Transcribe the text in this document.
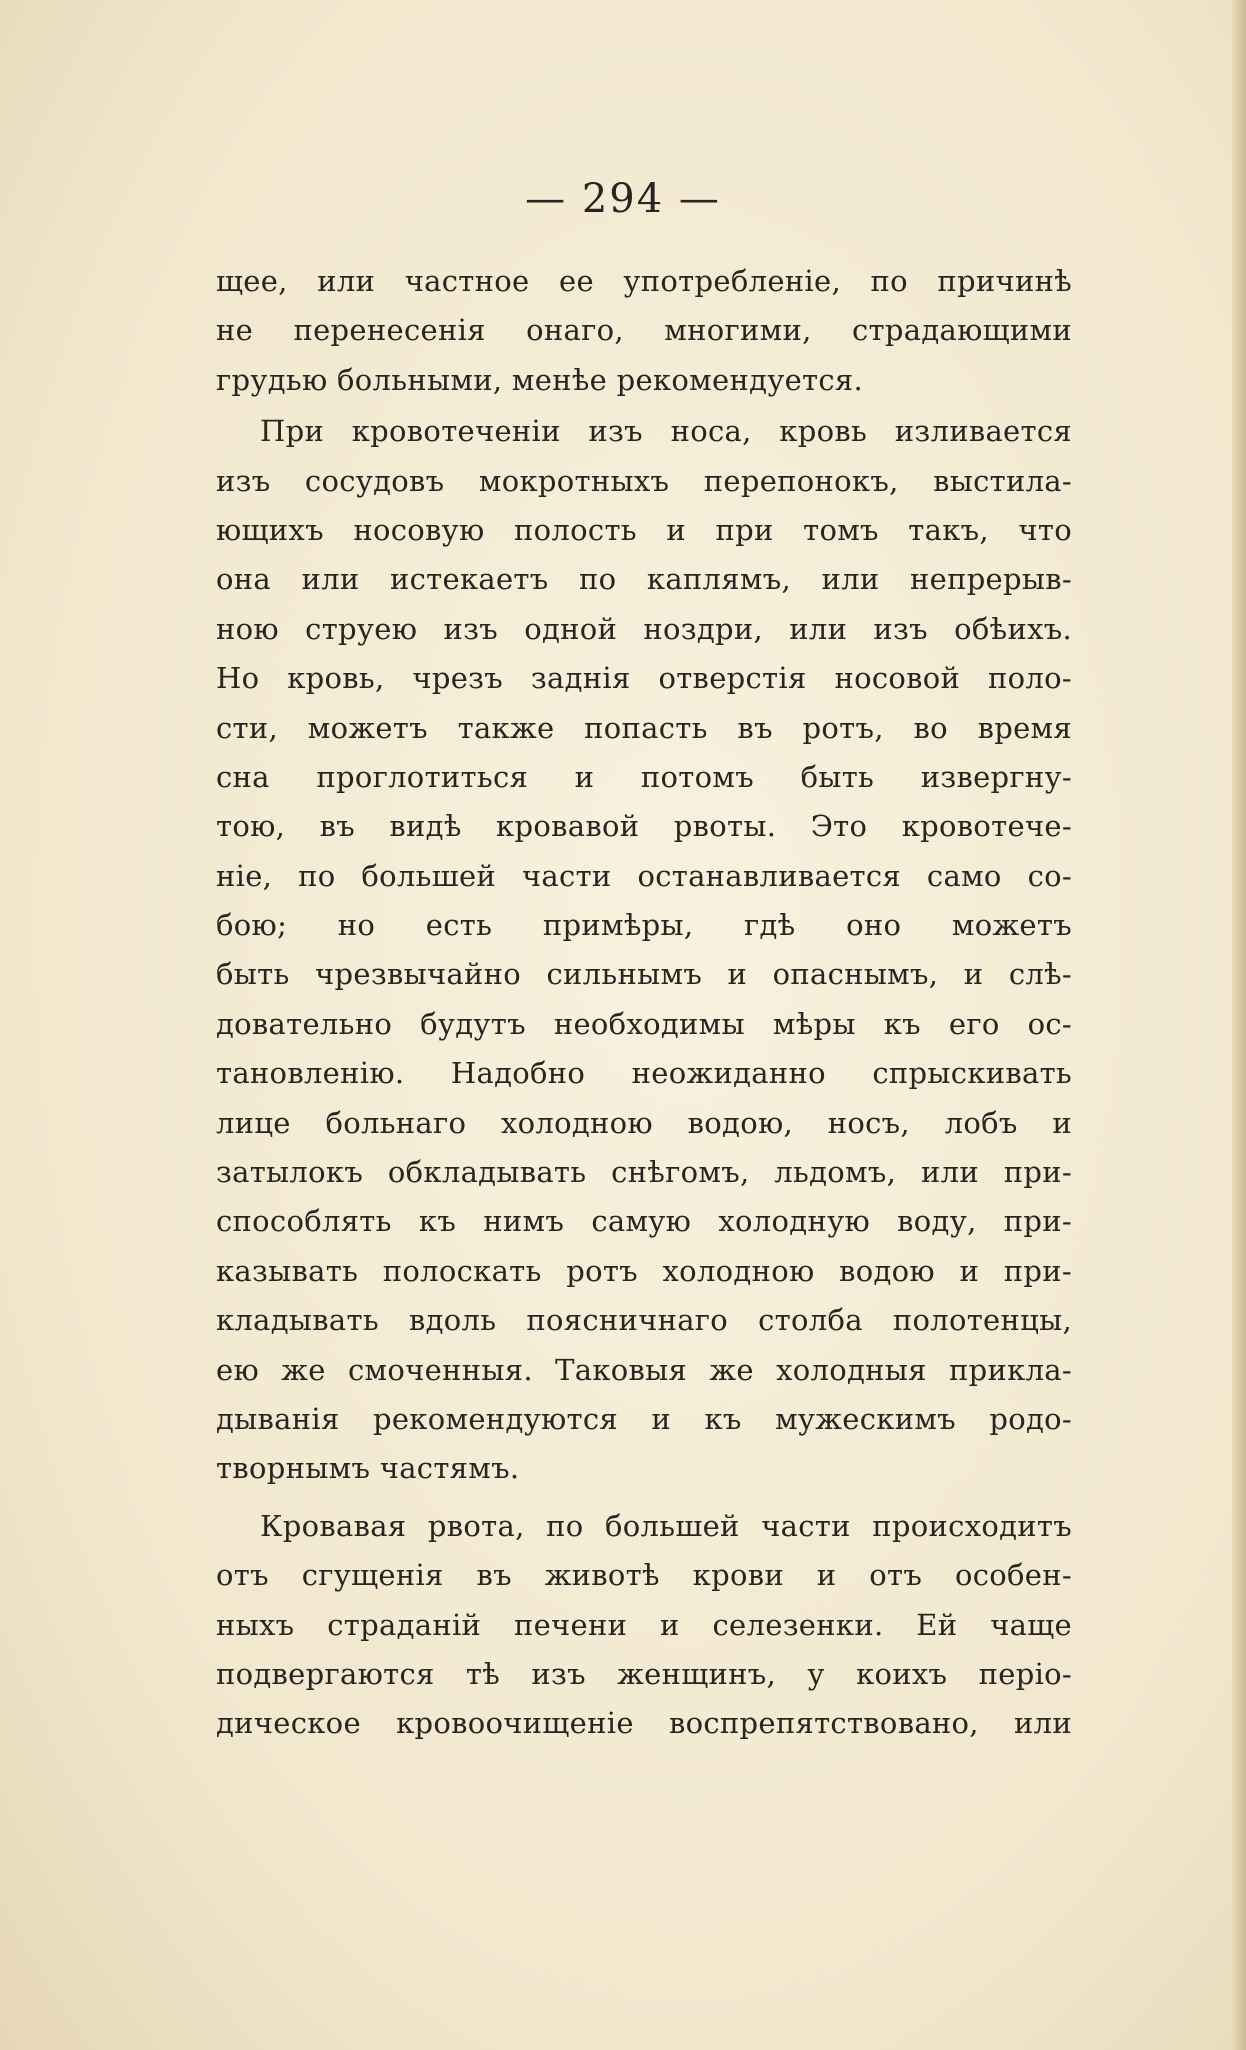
— 294 —
щее, или частное ее употребленіе, по причинѣ
не перенесенія онаго, многими, страдающими
грудью больными, менѣе рекомендуется.
При кровотеченіи изъ носа, кровь изливается
изъ сосудовъ мокротныхъ перепонокъ, выстила-
ющихъ носовую полость и при томъ такъ, что
она или истекаетъ по каплямъ, или непрерыв-
ною струею изъ одной ноздри, или изъ обѣихъ.
Но кровь, чрезъ заднія отверстія носовой поло-
сти, можетъ также попасть въ ротъ, во время
сна проглотиться и потомъ быть извергну-
тою, въ видѣ кровавой рвоты. Это кровотече-
ніе, по большей части останавливается само со-
бою; но есть примѣры, гдѣ оно можетъ
быть чрезвычайно сильнымъ и опаснымъ, и слѣ-
довательно будутъ необходимы мѣры къ его ос-
тановленію. Надобно неожиданно спрыскивать
лице больнаго холодною водою, носъ, лобъ и
затылокъ обкладывать снѣгомъ, льдомъ, или при-
способлять къ нимъ самую холодную воду, при-
казывать полоскать ротъ холодною водою и при-
кладывать вдоль поясничнаго столба полотенцы,
ею же смоченныя. Таковыя же холодныя прикла-
дыванія рекомендуются и къ мужескимъ родо-
творнымъ частямъ.
Кровавая рвота, по большей части происходитъ
отъ сгущенія въ животѣ крови и отъ особен-
ныхъ страданій печени и селезенки. Ей чаще
подвергаются тѣ изъ женщинъ, у коихъ періо-
дическое кровоочищеніе воспрепятствовано, или
